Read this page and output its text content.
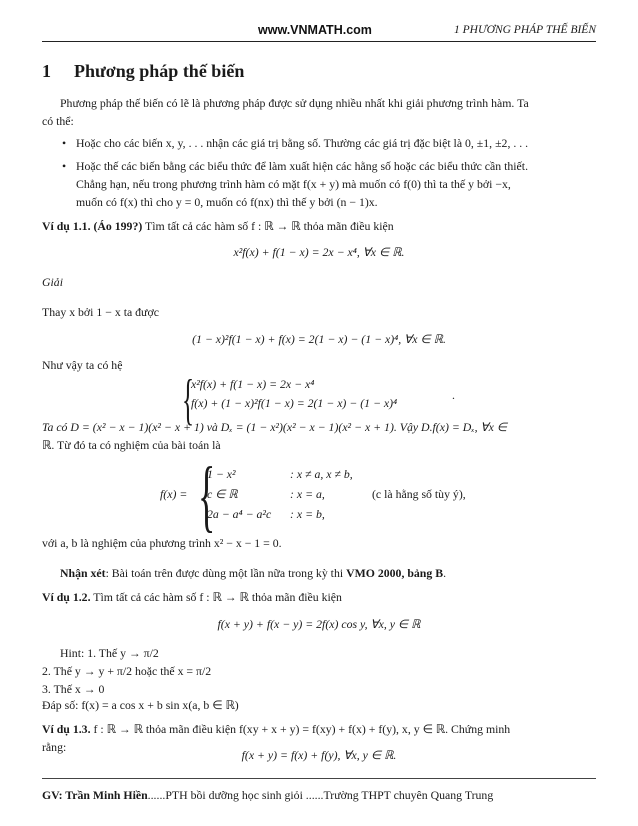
www.VNMATH.com	1 PHƯƠNG PHÁP THẾ BIẾN
1 Phương pháp thế biến
Phương pháp thế biến có lẽ là phương pháp được sử dụng nhiều nhất khi giải phương trình hàm. Ta
có thể:
• Hoặc cho các biến x, y, . . . nhận các giá trị bằng số. Thường các giá trị đặc biệt là 0, ±1, ±2, . . .
• Hoặc thế các biến bằng các biểu thức để làm xuất hiện các hằng số hoặc các biểu thức cần thiết.
Chẳng hạn, nếu trong phương trình hàm có mặt f(x + y) mà muốn có f(0) thì ta thế y bởi −x,
muốn có f(x) thì cho y = 0, muốn có f(nx) thì thế y bởi (n − 1)x.
Ví dụ 1.1. (Áo 199?) Tìm tất cả các hàm số f : ℝ → ℝ thỏa mãn điều kiện
x²f(x) + f(1 − x) = 2x − x⁴, ∀x ∈ ℝ.
Giải
Thay x bởi 1 − x ta được
(1 − x)²f(1 − x) + f(x) = 2(1 − x) − (1 − x)⁴, ∀x ∈ ℝ.
Như vậy ta có hệ
{
x²f(x) + f(1 − x) = 2x − x⁴
f(x) + (1 − x)²f(1 − x) = 2(1 − x) − (1 − x)⁴
.
Ta có D = (x² − x − 1)(x² − x + 1) và Dₓ = (1 − x²)(x² − x − 1)(x² − x + 1). Vậy D.f(x) = Dₓ, ∀x ∈
ℝ. Từ đó ta có nghiệm của bài toán là
f(x) = {
1 − x²	: x ≠ a, x ≠ b,
c ∈ ℝ	: x = a,	(c là hằng số tùy ý),
2a − a⁴ − a²c : x = b,
với a, b là nghiệm của phương trình x² − x − 1 = 0.
Nhận xét: Bài toán trên được dùng một lần nữa trong kỳ thi VMO 2000, bảng B.
Ví dụ 1.2. Tìm tất cả các hàm số f : ℝ → ℝ thỏa mãn điều kiện
f(x + y) + f(x − y) = 2f(x) cos y, ∀x, y ∈ ℝ
Hint: 1. Thế y → π/2
2. Thế y → y + π/2 hoặc thế x = π/2
3. Thế x → 0
Đáp số: f(x) = a cos x + b sin x(a, b ∈ ℝ)
Ví dụ 1.3. f : ℝ → ℝ thỏa mãn điều kiện f(xy + x + y) = f(xy) + f(x) + f(y), x, y ∈ ℝ. Chứng minh
rằng:
f(x + y) = f(x) + f(y), ∀x, y ∈ ℝ.
GV: Trần Minh Hiền......PTH bồi dưỡng học sinh giỏi ......Trường THPT chuyên Quang Trung
